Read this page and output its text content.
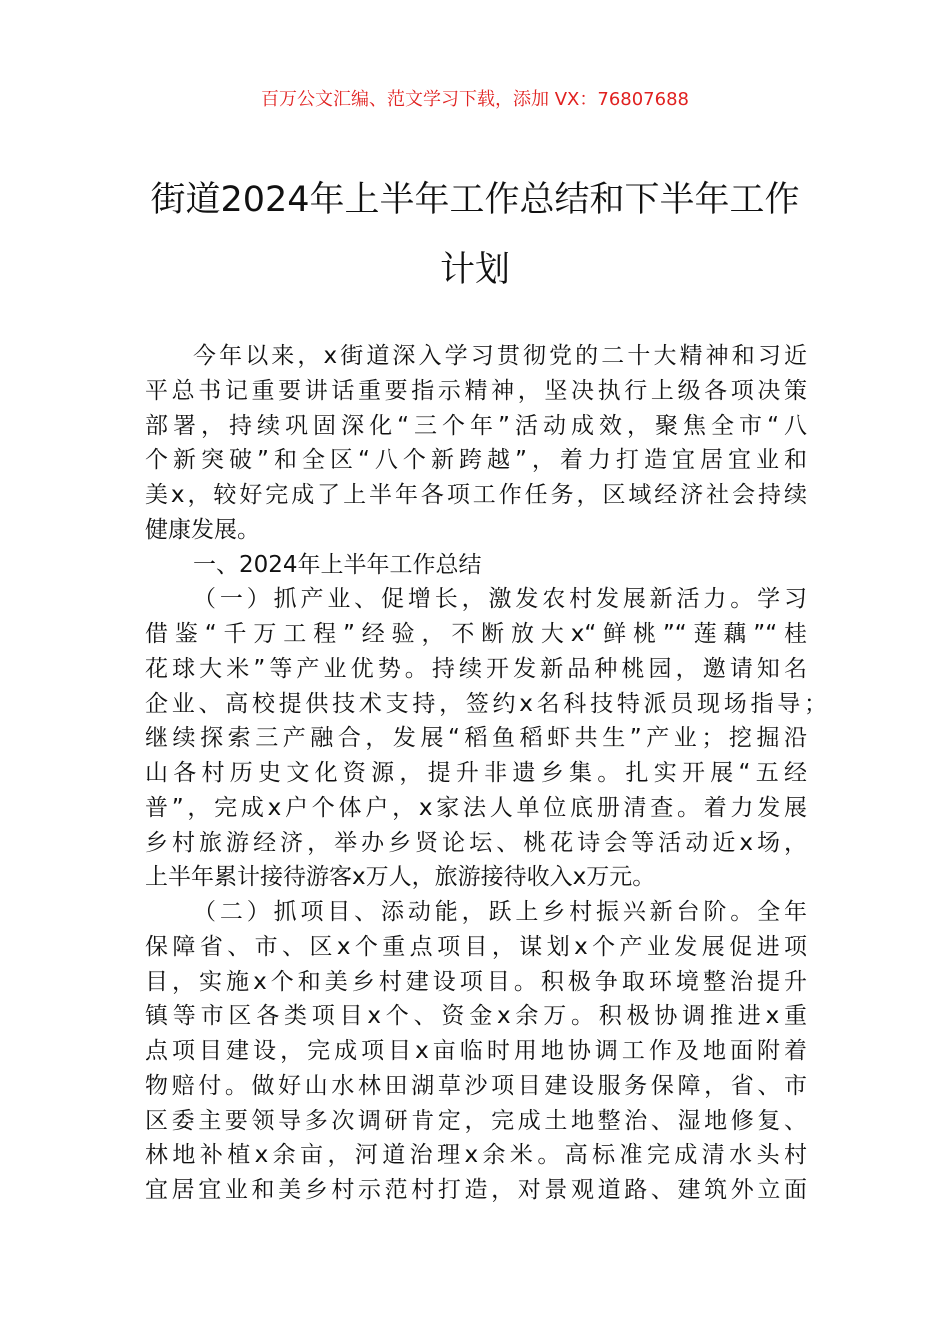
百万公文汇编、范文学习下载，添加 VX：76807688
街道2024年上半年工作总结和下半年工作
计划
今年以来，x街道深入学习贯彻党的二十大精神和习近
平总书记重要讲话重要指示精神，坚决执行上级各项决策
部署，持续巩固深化“三个年”活动成效，聚焦全市“八
个新突破”和全区“八个新跨越”，着力打造宜居宜业和
美x，较好完成了上半年各项工作任务，区域经济社会持续
健康发展。
一、2024年上半年工作总结
（一）抓产业、促增长，激发农村发展新活力。学习
借鉴“千万工程”经验，不断放大x“鲜桃”“莲藕”“桂
花球大米”等产业优势。持续开发新品种桃园，邀请知名
企业、高校提供技术支持，签约x名科技特派员现场指导；
继续探索三产融合，发展“稻鱼稻虾共生”产业；挖掘沿
山各村历史文化资源，提升非遗乡集。扎实开展“五经
普”，完成x户个体户，x家法人单位底册清查。着力发展
乡村旅游经济，举办乡贤论坛、桃花诗会等活动近x场，
上半年累计接待游客x万人，旅游接待收入x万元。
（二）抓项目、添动能，跃上乡村振兴新台阶。全年
保障省、市、区x个重点项目，谋划x个产业发展促进项
目，实施x个和美乡村建设项目。积极争取环境整治提升
镇等市区各类项目x个、资金x余万。积极协调推进x重
点项目建设，完成项目x亩临时用地协调工作及地面附着
物赔付。做好山水林田湖草沙项目建设服务保障，省、市
区委主要领导多次调研肯定，完成土地整治、湿地修复、
林地补植x余亩，河道治理x余米。高标准完成清水头村
宜居宜业和美乡村示范村打造，对景观道路、建筑外立面
